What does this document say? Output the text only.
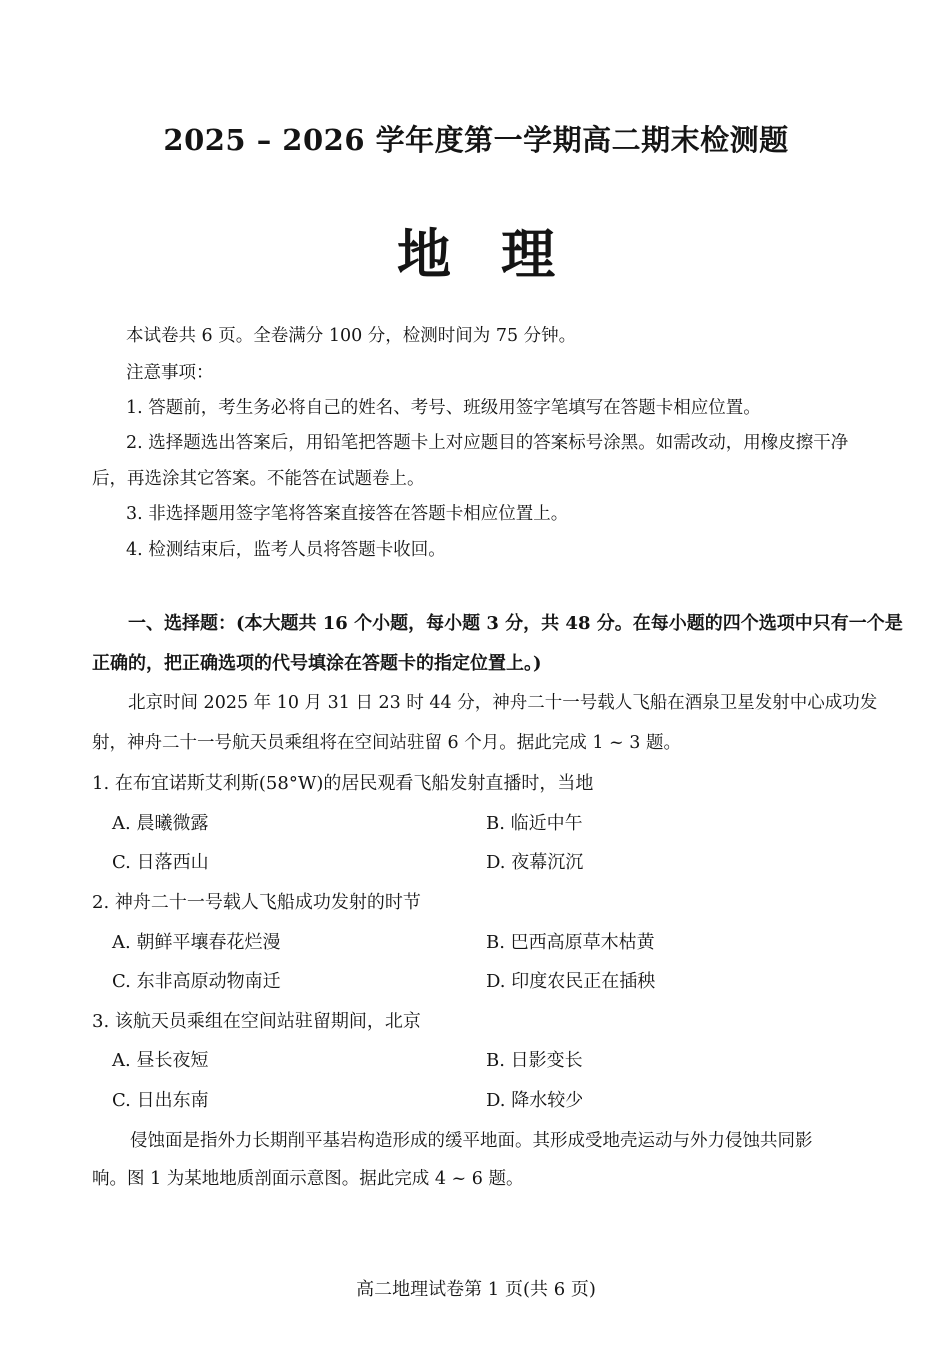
2025 – 2026 学年度第一学期高二期末检测题
地理
本试卷共 6 页。全卷满分 100 分，检测时间为 75 分钟。
注意事项：
1. 答题前，考生务必将自己的姓名、考号、班级用签字笔填写在答题卡相应位置。
2. 选择题选出答案后，用铅笔把答题卡上对应题目的答案标号涂黑。如需改动，用橡皮擦干净
后，再选涂其它答案。不能答在试题卷上。
3. 非选择题用签字笔将答案直接答在答题卡相应位置上。
4. 检测结束后，监考人员将答题卡收回。
一、选择题：(本大题共 16 个小题，每小题 3 分，共 48 分。在每小题的四个选项中只有一个是
正确的，把正确选项的代号填涂在答题卡的指定位置上。)
北京时间 2025 年 10 月 31 日 23 时 44 分，神舟二十一号载人飞船在酒泉卫星发射中心成功发
射，神舟二十一号航天员乘组将在空间站驻留 6 个月。据此完成 1 ~ 3 题。
1. 在布宜诺斯艾利斯(58°W)的居民观看飞船发射直播时，当地
A. 晨曦微露	B. 临近中午
C. 日落西山	D. 夜幕沉沉
2. 神舟二十一号载人飞船成功发射的时节
A. 朝鲜平壤春花烂漫	B. 巴西高原草木枯黄
C. 东非高原动物南迁	D. 印度农民正在插秧
3. 该航天员乘组在空间站驻留期间，北京
A. 昼长夜短	B. 日影变长
C. 日出东南	D. 降水较少
侵蚀面是指外力长期削平基岩构造形成的缓平地面。其形成受地壳运动与外力侵蚀共同影
响。图 1 为某地地质剖面示意图。据此完成 4 ~ 6 题。
高二地理试卷第 1 页(共 6 页)
